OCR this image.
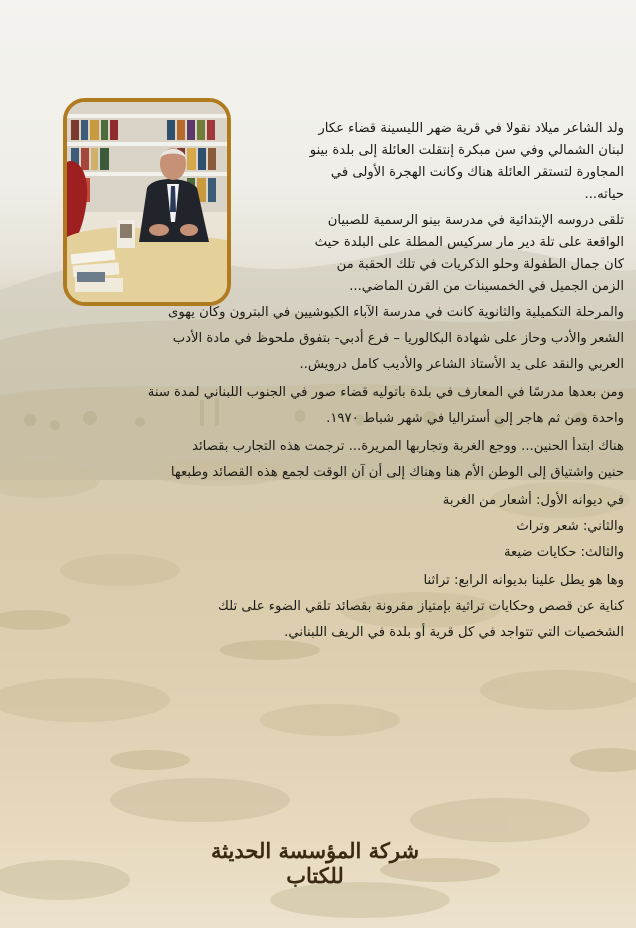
ولد الشاعر ميلاد نقولا في قرية ضهر الليسينة قضاء عكار

لبنان الشمالي وفي سن مبكرة إنتقلت العائلة إلى بلدة بينو

المجاورة لتستقر العائلة هناك وكانت الهجرة الأولى في

حياته...

تلقى دروسه الإبتدائية في مدرسة بينو الرسمية للصبيان

الواقعة على تلة دير مار سركيس المطلة على البلدة حيث

كان جمال الطفولة وحلو الذكريات في تلك الحقبة من

الزمن الجميل في الخمسينات من القرن الماضي...

والمرحلة التكميلية والثانوية كانت في مدرسة الآباء الكبوشيين في البترون وكان يهوى

الشعر والأدب وحاز على شهادة البكالوريا – فرع أدبي- بتفوق ملحوظ في مادة الأدب

العربي والنقد على يد الأستاذ الشاعر والأديب كامل درويش..

ومن بعدها مدرسًا في المعارف في بلدة باتوليه قضاء صور في الجنوب اللبناني لمدة سنة

واحدة ومن ثم هاجر إلى أستراليا في شهر شباط ١٩٧٠.

هناك ابتدأ الحنين... ووجع الغربة وتجاربها المريرة... ترجمت هذه التجارب بقصائد

حنين واشتياق إلى الوطن الأم هنا وهناك إلى أن آن الوقت لجمع هذه القصائد وطبعها

في ديوانه الأول: أشعار من الغربة

والثاني: شعر وتراث

والثالث: حكايات ضيعة

وها هو يطل علينا بديوانه الرابع: تراثنا

كناية عن قصص وحكايات تراثية بإمتياز مقرونة بقصائد تلقي الضوء على تلك

الشخصيات التي تتواجد في كل قرية أو بلدة في الريف اللبناني.

شركة المؤسسة الحديثة للكتاب
